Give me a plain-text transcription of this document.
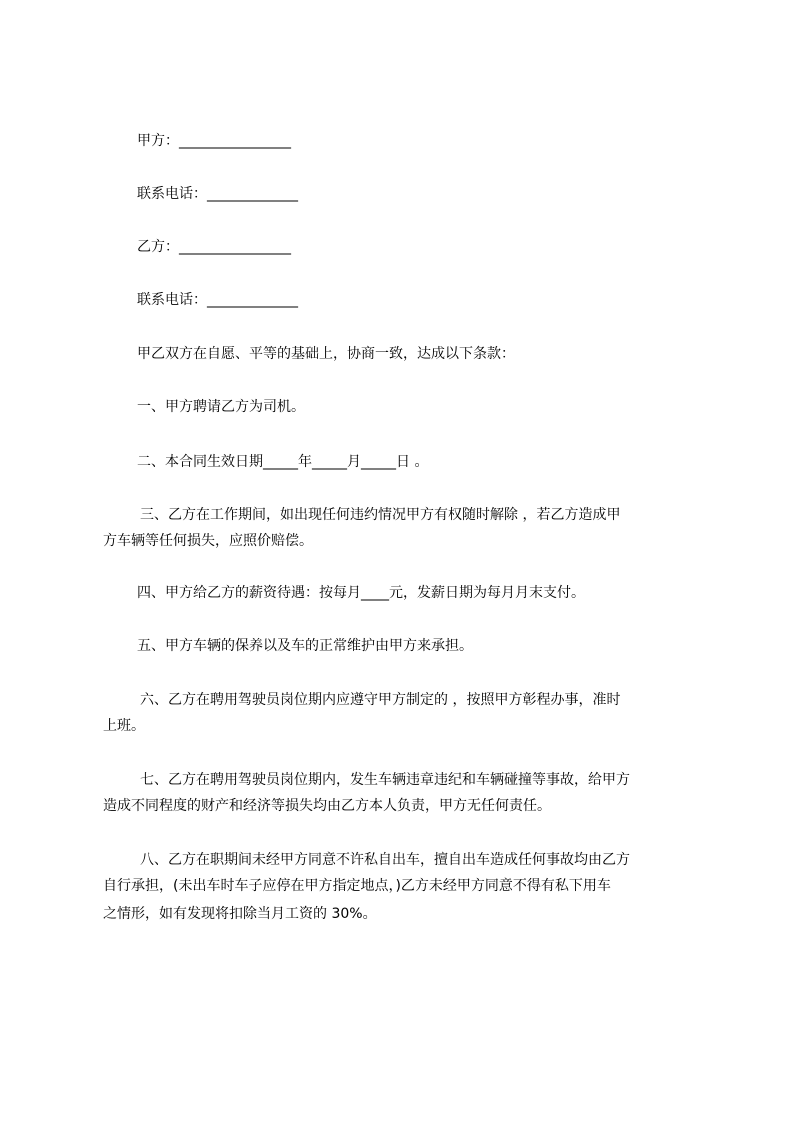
甲方：________________
联系电话：_____________
乙方：________________
联系电话：_____________
甲乙双方在自愿、平等的基础上，协商一致，达成以下条款：
一、甲方聘请乙方为司机。
二、本合同生效日期_____年_____月_____日 。
三、乙方在工作期间，如出现任何违约情况甲方有权随时解除 ，若乙方造成甲
方车辆等任何损失，应照价赔偿。
四、甲方给乙方的薪资待遇：按每月____元，发薪日期为每月月末支付。
五、甲方车辆的保养以及车的正常维护由甲方来承担。
六、乙方在聘用驾驶员岗位期内应遵守甲方制定的 ，按照甲方彰程办事，准时
上班。
七、乙方在聘用驾驶员岗位期内，发生车辆违章违纪和车辆碰撞等事故，给甲方
造成不同程度的财产和经济等损失均由乙方本人负责，甲方无任何责任。
八、乙方在职期间未经甲方同意不许私自出车，擅自出车造成任何事故均由乙方
自行承担，(未出车时车子应停在甲方指定地点，)乙方未经甲方同意不得有私下用车
之情形，如有发现将扣除当月工资的 30%。
